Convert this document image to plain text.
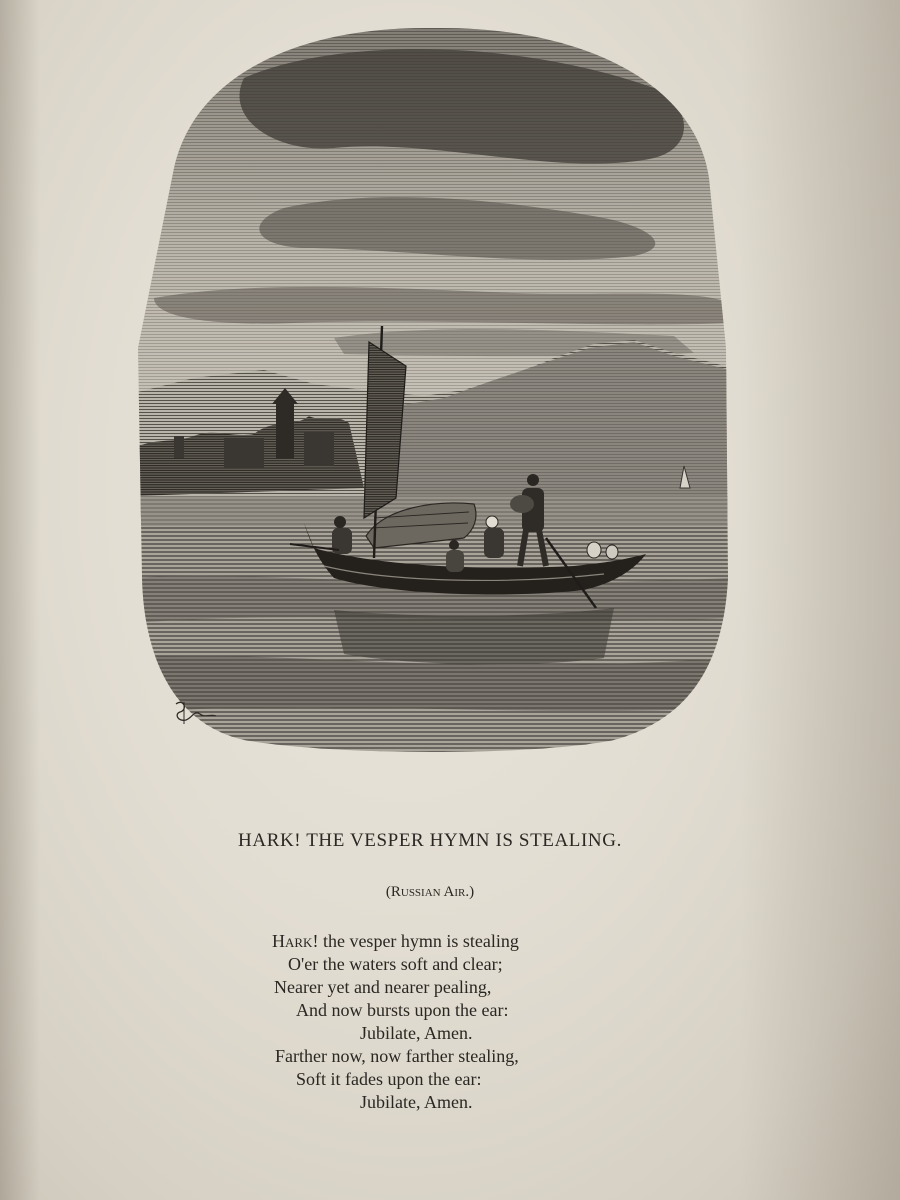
HARK! THE VESPER HYMN IS STEALING.
(Russian Air.)
Hark! the vesper hymn is stealing
O'er the waters soft and clear;
Nearer yet and nearer pealing,
And now bursts upon the ear:
Jubilate, Amen.
Farther now, now farther stealing,
Soft it fades upon the ear:
Jubilate, Amen.
